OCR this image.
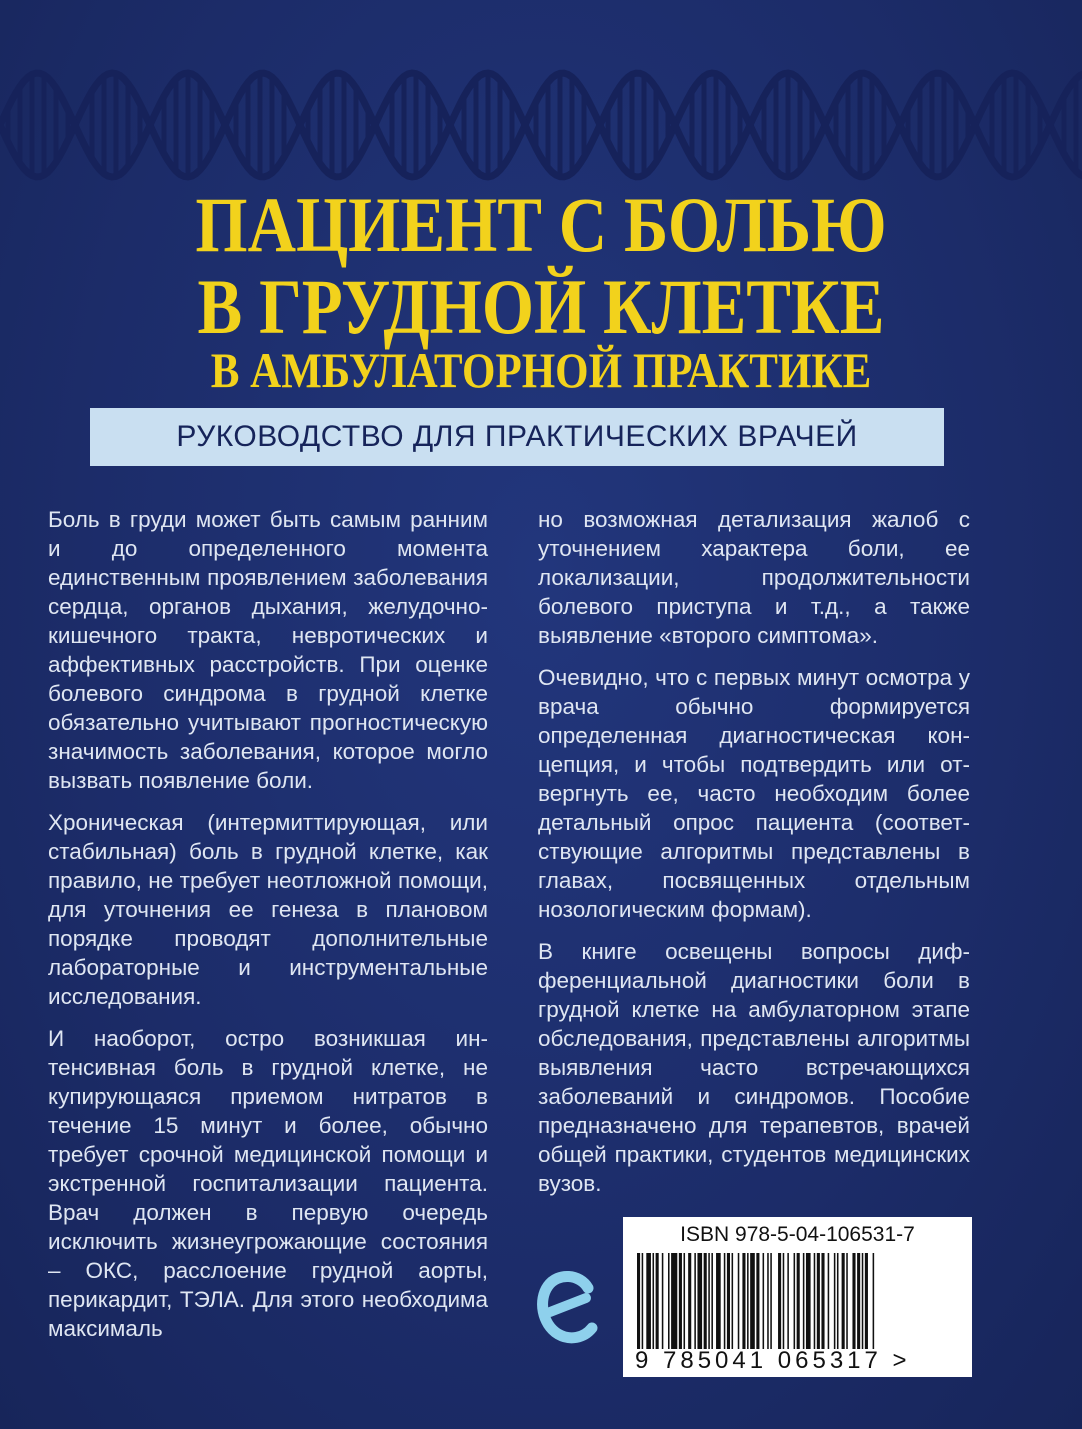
ПАЦИЕНТ С БОЛЬЮ
В ГРУДНОЙ КЛЕТКЕ
В АМБУЛАТОРНОЙ ПРАКТИКЕ
РУКОВОДСТВО ДЛЯ ПРАКТИЧЕСКИХ ВРАЧЕЙ

Боль в груди может быть самым ранним и до определенного момента единственным проявлением заболевания сердца, органов дыхания, желудочно-кишечного тракта, невротических и аффективных расстройств. При оценке болевого синдрома в грудной клетке обязательно учитывают прогностическую значимость заболевания, которое могло вызвать появление боли.

Хроническая (интермиттирующая, или стабильная) боль в грудной клетке, как правило, не требует неотложной помощи, для уточнения ее генеза в плановом порядке проводят дополнительные лабораторные и инструментальные исследования.

И наоборот, остро возникшая интенсивная боль в грудной клетке, не купирующаяся приемом нитратов в течение 15 минут и более, обычно требует срочной медицинской помощи и экстренной госпитализации пациента. Врач должен в первую очередь исключить жизнеугрожающие состояния – ОКС, расслоение грудной аорты, перикардит, ТЭЛА. Для этого необходима максималь

но возможная детализация жалоб с уточнением характера боли, ее локализации, продолжительности болевого приступа и т.д., а также выявление «второго симптома».

Очевидно, что с первых минут осмотра у врача обычно формируется определенная диагностическая концепция, и чтобы подтвердить или отвергнуть ее, часто необходим более детальный опрос пациента (соответствующие алгоритмы представлены в главах, посвященных отдельным нозологическим формам).

В книге освещены вопросы дифференциальной диагностики боли в грудной клетке на амбулаторном этапе обследования, представлены алгоритмы выявления часто встречающихся заболеваний и синдромов. Пособие предназначено для терапевтов, врачей общей практики, студентов медицинских вузов.

ISBN 978-5-04-106531-7
9 785041 065317 >
